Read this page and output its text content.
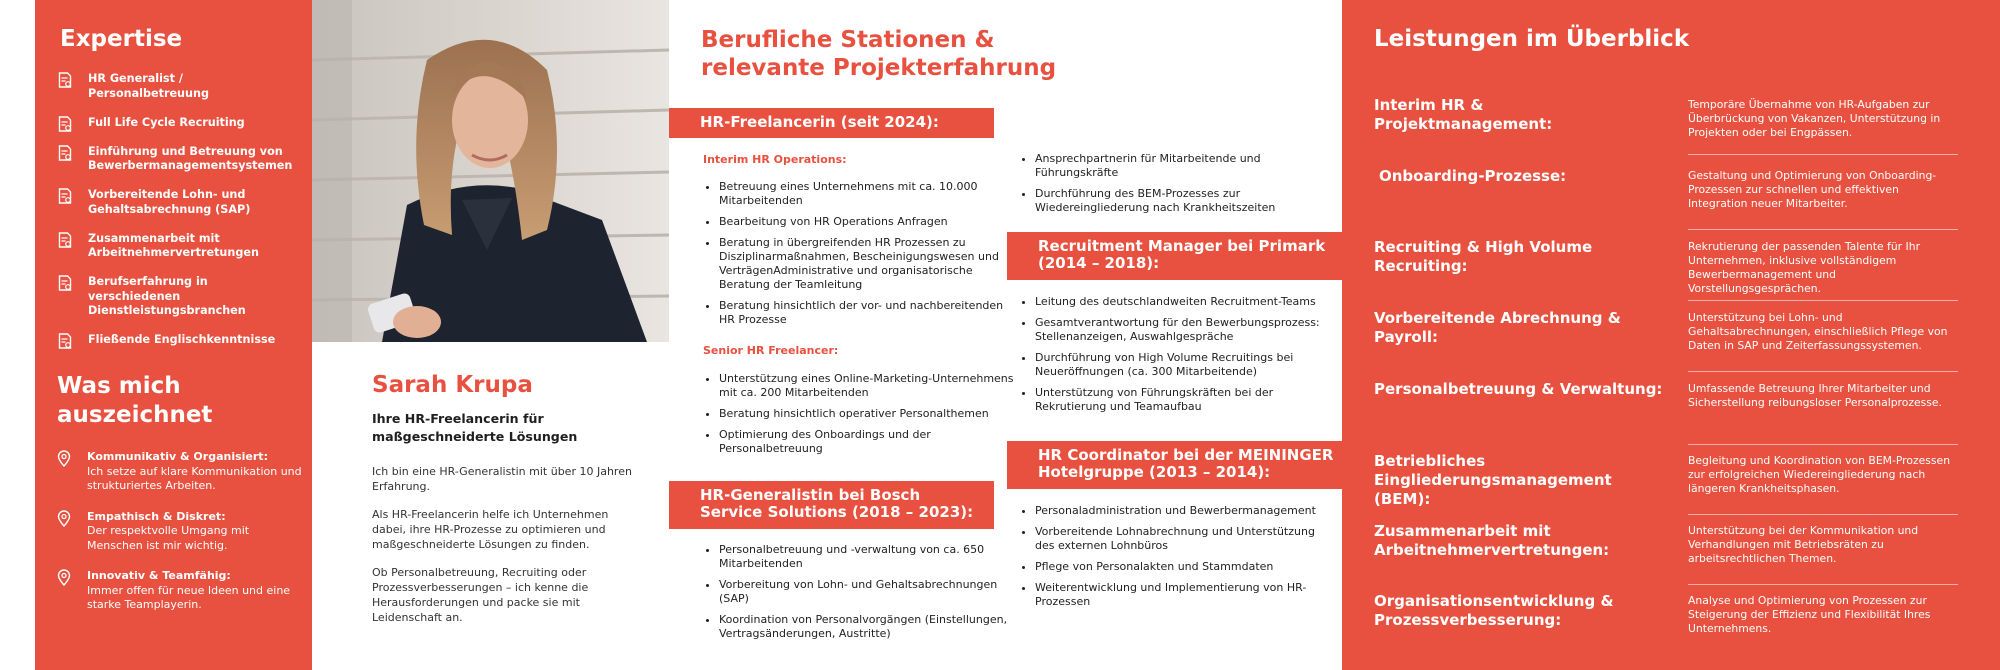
Expertise
HR Generalist / Personalbetreuung
Full Life Cycle Recruiting
Einführung und Betreuung von Bewerbermanagementsystemen
Vorbereitende Lohn- und Gehaltsabrechnung (SAP)
Zusammenarbeit mit Arbeitnehmervertretungen
Berufserfahrung in verschiedenen Dienstleistungsbranchen
Fließende Englischkenntnisse
Was mich auszeichnet
Kommunikativ & Organisiert:
Ich setze auf klare Kommunikation und strukturiertes Arbeiten.
Empathisch & Diskret:
Der respektvolle Umgang mit Menschen ist mir wichtig.
Innovativ & Teamfähig:
Immer offen für neue Ideen und eine starke Teamplayerin.
Sarah Krupa
Ihre HR-Freelancerin für maßgeschneiderte Lösungen

Ich bin eine HR-Generalistin mit über 10 Jahren Erfahrung.

Als HR-Freelancerin helfe ich Unternehmen dabei, ihre HR-Prozesse zu optimieren und maßgeschneiderte Lösungen zu finden.

Ob Personalbetreuung, Recruiting oder Prozessverbesserungen – ich kenne die Herausforderungen und packe sie mit Leidenschaft an.

Berufliche Stationen & relevante Projekterfahrung
HR-Freelancerin (seit 2024):
Interim HR Operations:
• Betreuung eines Unternehmens mit ca. 10.000 Mitarbeitenden
• Bearbeitung von HR Operations Anfragen
• Beratung in übergreifenden HR Prozessen zu Disziplinarmaßnahmen, Bescheinigungswesen und VerträgenAdministrative und organisatorische Beratung der Teamleitung
• Beratung hinsichtlich der vor- und nachbereitenden HR Prozesse
Senior HR Freelancer:
• Unterstützung eines Online-Marketing-Unternehmens mit ca. 200 Mitarbeitenden
• Beratung hinsichtlich operativer Personalthemen
• Optimierung des Onboardings und der Personalbetreuung
HR-Generalistin bei Bosch Service Solutions (2018 – 2023):
• Personalbetreuung und -verwaltung von ca. 650 Mitarbeitenden
• Vorbereitung von Lohn- und Gehaltsabrechnungen (SAP)
• Koordination von Personalvorgängen (Einstellungen, Vertragsänderungen, Austritte)
• Ansprechpartnerin für Mitarbeitende und Führungskräfte
• Durchführung des BEM-Prozesses zur Wiedereingliederung nach Krankheitszeiten
Recruitment Manager bei Primark (2014 – 2018):
• Leitung des deutschlandweiten Recruitment-Teams
• Gesamtverantwortung für den Bewerbungsprozess: Stellenanzeigen, Auswahlgespräche
• Durchführung von High Volume Recruitings bei Neueröffnungen (ca. 300 Mitarbeitende)
• Unterstützung von Führungskräften bei der Rekrutierung und Teamaufbau
HR Coordinator bei der MEININGER Hotelgruppe (2013 – 2014):
• Personaladministration und Bewerbermanagement
• Vorbereitende Lohnabrechnung und Unterstützung des externen Lohnbüros
• Pflege von Personalakten und Stammdaten
• Weiterentwicklung und Implementierung von HR-Prozessen
Leistungen im Überblick
Interim HR & Projektmanagement:
Temporäre Übernahme von HR-Aufgaben zur Überbrückung von Vakanzen, Unterstützung in Projekten oder bei Engpässen.
Onboarding-Prozesse:	Gestaltung und Optimierung von Onboarding-Prozessen zur schnellen und effektiven Integration neuer Mitarbeiter.
Recruiting & High Volume Recruiting:
Rekrutierung der passenden Talente für Ihr Unternehmen, inklusive vollständigem Bewerbermanagement und Vorstellungsgesprächen.
Vorbereitende Abrechnung & Payroll:
Unterstützung bei Lohn- und Gehaltsabrechnungen, einschließlich Pflege von Daten in SAP und Zeiterfassungssystemen.
Personalbetreuung & Verwaltung: Umfassende Betreuung Ihrer Mitarbeiter und Sicherstellung reibungsloser Personalprozesse.
Betriebliches Eingliederungsmanagement (BEM):
Begleitung und Koordination von BEM-Prozessen zur erfolgreichen Wiedereingliederung nach längeren Krankheitsphasen.
Zusammenarbeit mit Arbeitnehmervertretungen:
Unterstützung bei der Kommunikation und Verhandlungen mit Betriebsräten zu arbeitsrechtlichen Themen.
Organisationsentwicklung & Prozessverbesserung:
Analyse und Optimierung von Prozessen zur Steigerung der Effizienz und Flexibilität Ihres Unternehmens.
